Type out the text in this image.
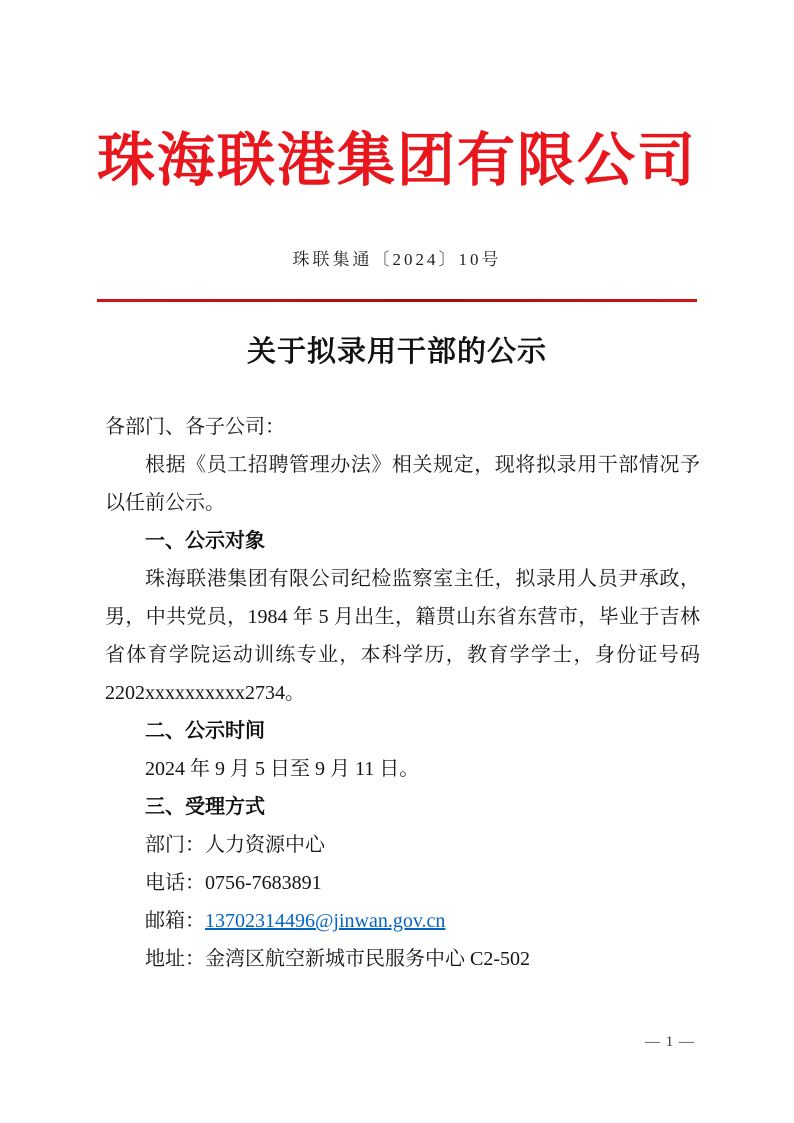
珠海联港集团有限公司
珠联集通〔2024〕10号
关于拟录用干部的公示

各部门、各子公司：

根据《员工招聘管理办法》相关规定，现将拟录用干部情况予以任前公示。

一、公示对象

珠海联港集团有限公司纪检监察室主任，拟录用人员尹承政，男，中共党员，1984 年 5 月出生，籍贯山东省东营市，毕业于吉林省体育学院运动训练专业，本科学历，教育学学士，身份证号码 2202xxxxxxxxxx2734。

二、公示时间

2024 年 9 月 5 日至 9 月 11 日。

三、受理方式

部门：人力资源中心

电话：0756-7683891

邮箱：13702314496@jinwan.gov.cn

地址：金湾区航空新城市民服务中心 C2-502

— 1 —
